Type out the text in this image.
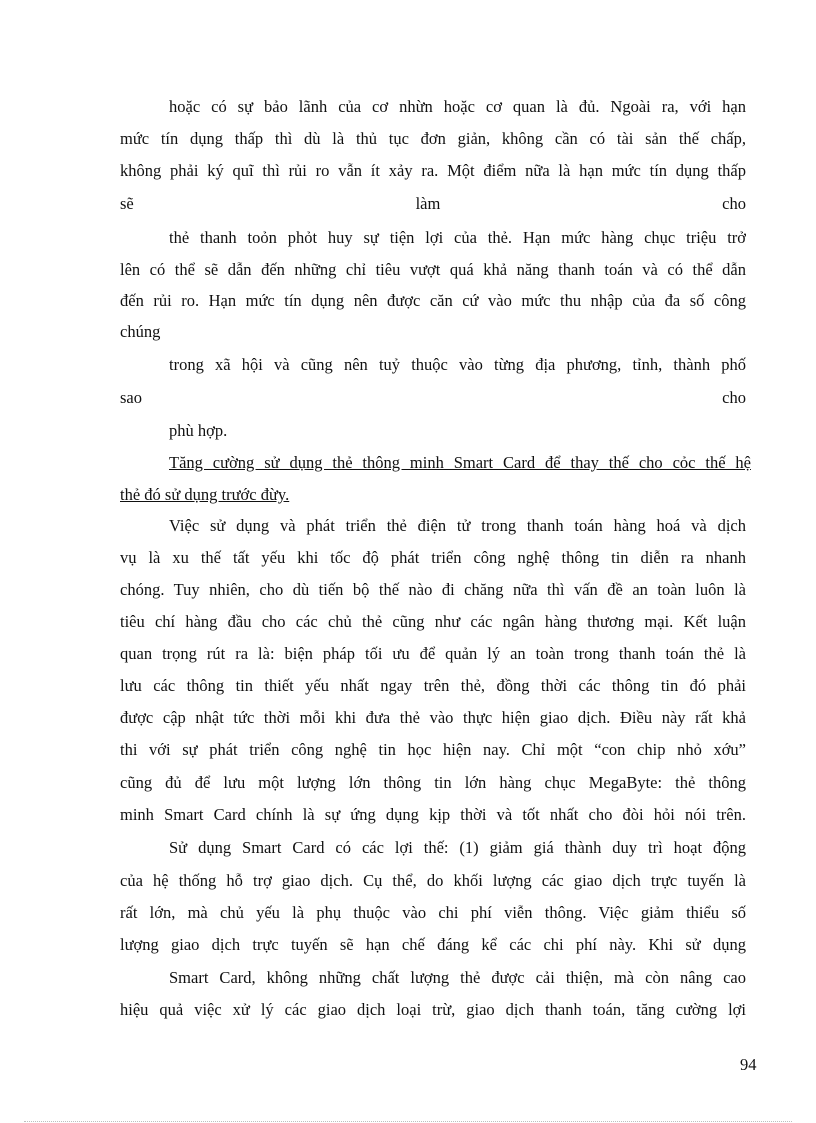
hoặc có sự bảo lãnh của cơ nhừn hoặc cơ quan là đủ. Ngoài ra, với hạn
mức tín dụng thấp thì dù là thủ tục đơn giản, không cần có tài sản thế chấp,
không phải ký quĩ thì rủi ro vẫn ít xảy ra. Một điểm nữa là hạn mức tín dụng thấp
sẽ làm cho
thẻ thanh toỏn phỏt huy sự tiện lợi của thẻ. Hạn mức hàng chục triệu trở
lên có thể sẽ dẫn đến những chỉ tiêu vượt quá khả năng thanh toán và có thể dẫn
đến rủi ro. Hạn mức tín dụng nên được căn cứ vào mức thu nhập của đa số công
chúng
trong xã hội và cũng nên tuỷ thuộc vào từng địa phương, tỉnh, thành phố
sao cho
phù hợp.
Tăng cường sử dụng thẻ thông minh Smart Card để thay thế cho cỏc thế hệ
thẻ đó sử dụng trước đừy.
Việc sử dụng và phát triển thẻ điện tử trong thanh toán hàng hoá và dịch
vụ là xu thế tất yếu khi tốc độ phát triển công nghệ thông tin diễn ra nhanh
chóng. Tuy nhiên, cho dù tiến bộ thế nào đi chăng nữa thì vấn đề an toàn luôn là
tiêu chí hàng đầu cho các chủ thẻ cũng như các ngân hàng thương mại. Kết luận
quan trọng rút ra là: biện pháp tối ưu để quản lý an toàn trong thanh toán thẻ là
lưu các thông tin thiết yếu nhất ngay trên thẻ, đồng thời các thông tin đó phải
được cập nhật tức thời mỗi khi đưa thẻ vào thực hiện giao dịch. Điều này rất khả
thi với sự phát triển công nghệ tin học hiện nay. Chỉ một “con chip nhỏ xớu”
cũng đủ để lưu một lượng lớn thông tin lớn hàng chục MegaByte: thẻ thông
minh Smart Card chính là sự ứng dụng kịp thời và tốt nhất cho đòi hỏi nói trên.
Sử dụng Smart Card có các lợi thế: (1) giảm giá thành duy trì hoạt động
của hệ thống hỗ trợ giao dịch. Cụ thể, do khối lượng các giao dịch trực tuyến là
rất lớn, mà chủ yếu là phụ thuộc vào chi phí viễn thông. Việc giảm thiểu số
lượng giao dịch trực tuyến sẽ hạn chế đáng kể các chi phí này. Khi sử dụng
Smart Card, không những chất lượng thẻ được cải thiện, mà còn nâng cao
hiệu quả việc xử lý các giao dịch loại trừ, giao dịch thanh toán, tăng cường lợi
94
